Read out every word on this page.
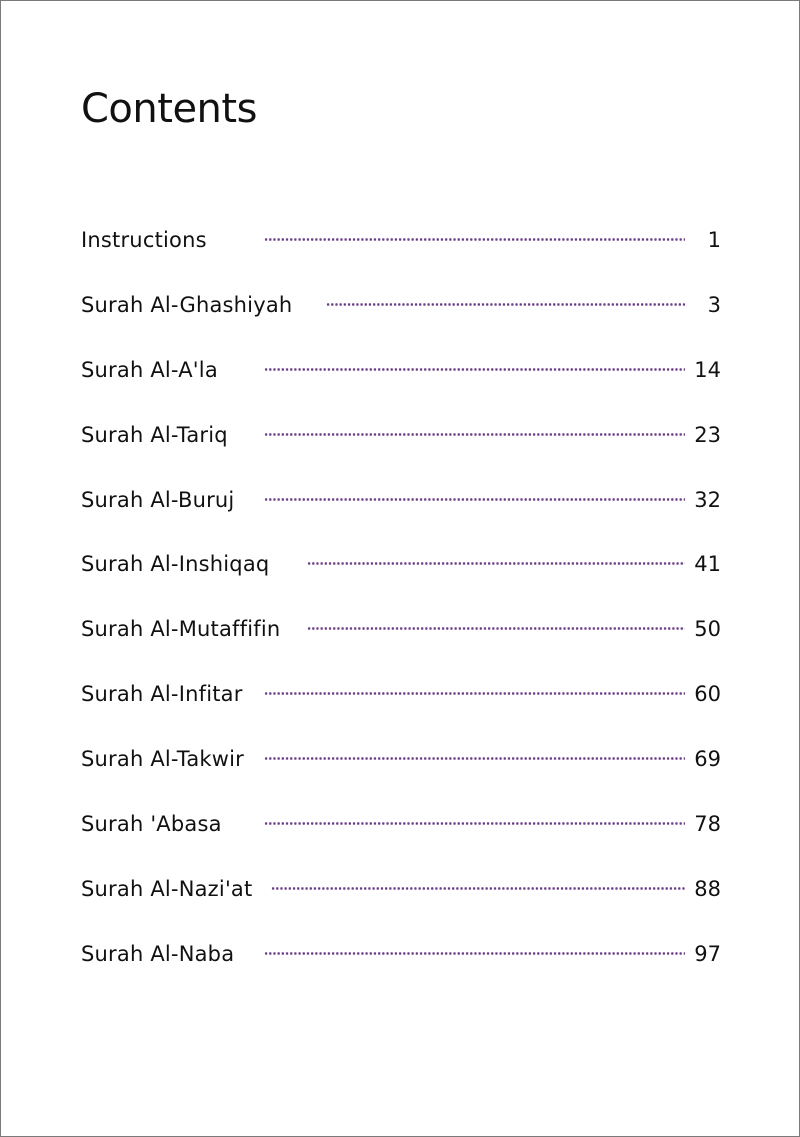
Contents
Instructions	1
Surah Al-Ghashiyah	3
Surah Al-A'la	14
Surah Al-Tariq	23
Surah Al-Buruj	32
Surah Al-Inshiqaq	41
Surah Al-Mutaffifin	50
Surah Al-Infitar	60
Surah Al-Takwir	69
Surah 'Abasa	78
Surah Al-Nazi'at	88
Surah Al-Naba	97
